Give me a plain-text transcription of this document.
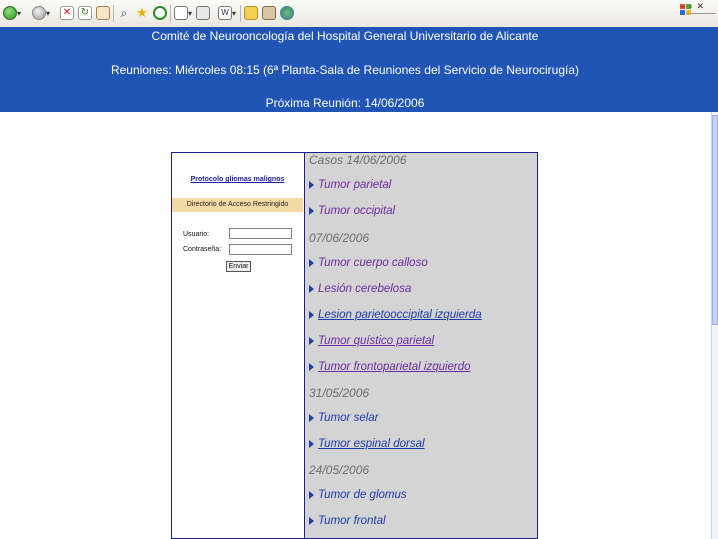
▾	▾ ✕ ↻	⌕ ★	▾	W ▾
–▫✕
Comité de Neurooncología del Hospital General Universitario de Alicante
Reuniones: Miércoles 08:15 (6ª Planta-Sala de Reuniones del Servicio de Neurocirugía)
Próxima Reunión: 14/06/2006
Protocolo gliomas malignos
Directorio de Acceso Restringido
Usuario:
Contraseña:
Enviar
Casos 14/06/2006
Tumor parietal
Tumor occipital
07/06/2006
Tumor cuerpo calloso
Lesión cerebelosa
Lesion parietooccipital izquierda
Tumor quístico parietal
Tumor frontoparietal izquierdo
31/05/2006
Tumor selar
Tumor espinal dorsal
24/05/2006
Tumor de glomus
Tumor frontal
